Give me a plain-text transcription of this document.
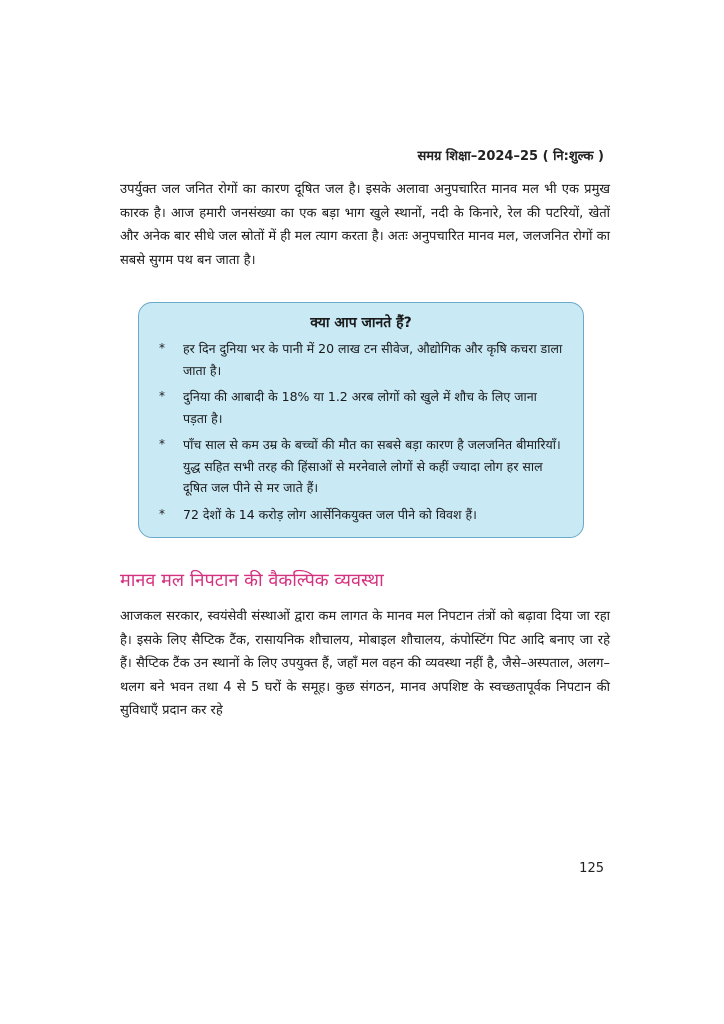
समग्र शिक्षा–2024–25 ( नि:शुल्क )

उपर्युक्त जल जनित रोगों का कारण दूषित जल है। इसके अलावा अनुपचारित मानव मल भी एक प्रमुख कारक है। आज हमारी जनसंख्या का एक बड़ा भाग खुले स्थानों, नदी के किनारे, रेल की पटरियों, खेतों और अनेक बार सीधे जल स्रोतों में ही मल त्याग करता है। अतः अनुपचारित मानव मल, जलजनित रोगों का सबसे सुगम पथ बन जाता है।

क्या आप जानते हैं?
* हर दिन दुनिया भर के पानी में 20 लाख टन सीवेज, औद्योगिक और कृषि कचरा डाला जाता है।
* दुनिया की आबादी के 18% या 1.2 अरब लोगों को खुले में शौच के लिए जाना पड़ता है।
* पाँच साल से कम उम्र के बच्चों की मौत का सबसे बड़ा कारण है जलजनित बीमारियाँ। युद्ध सहित सभी तरह की हिंसाओं से मरनेवाले लोगों से कहीं ज्यादा लोग हर साल दूषित जल पीने से मर जाते हैं।
* 72 देशों के 14 करोड़ लोग आर्सेनिकयुक्त जल पीने को विवश हैं।
मानव मल निपटान की वैकल्पिक व्यवस्था

आजकल सरकार, स्वयंसेवी संस्थाओं द्वारा कम लागत के मानव मल निपटान तंत्रों को बढ़ावा दिया जा रहा है। इसके लिए सैप्टिक टैंक, रासायनिक शौचालय, मोबाइल शौचालय, कंपोस्टिंग पिट आदि बनाए जा रहे हैं। सैप्टिक टैंक उन स्थानों के लिए उपयुक्त हैं, जहाँ मल वहन की व्यवस्था नहीं है, जैसे–अस्पताल, अलग–थलग बने भवन तथा 4 से 5 घरों के समूह। कुछ संगठन, मानव अपशिष्ट के स्वच्छतापूर्वक निपटान की सुविधाएँ प्रदान कर रहे

125
